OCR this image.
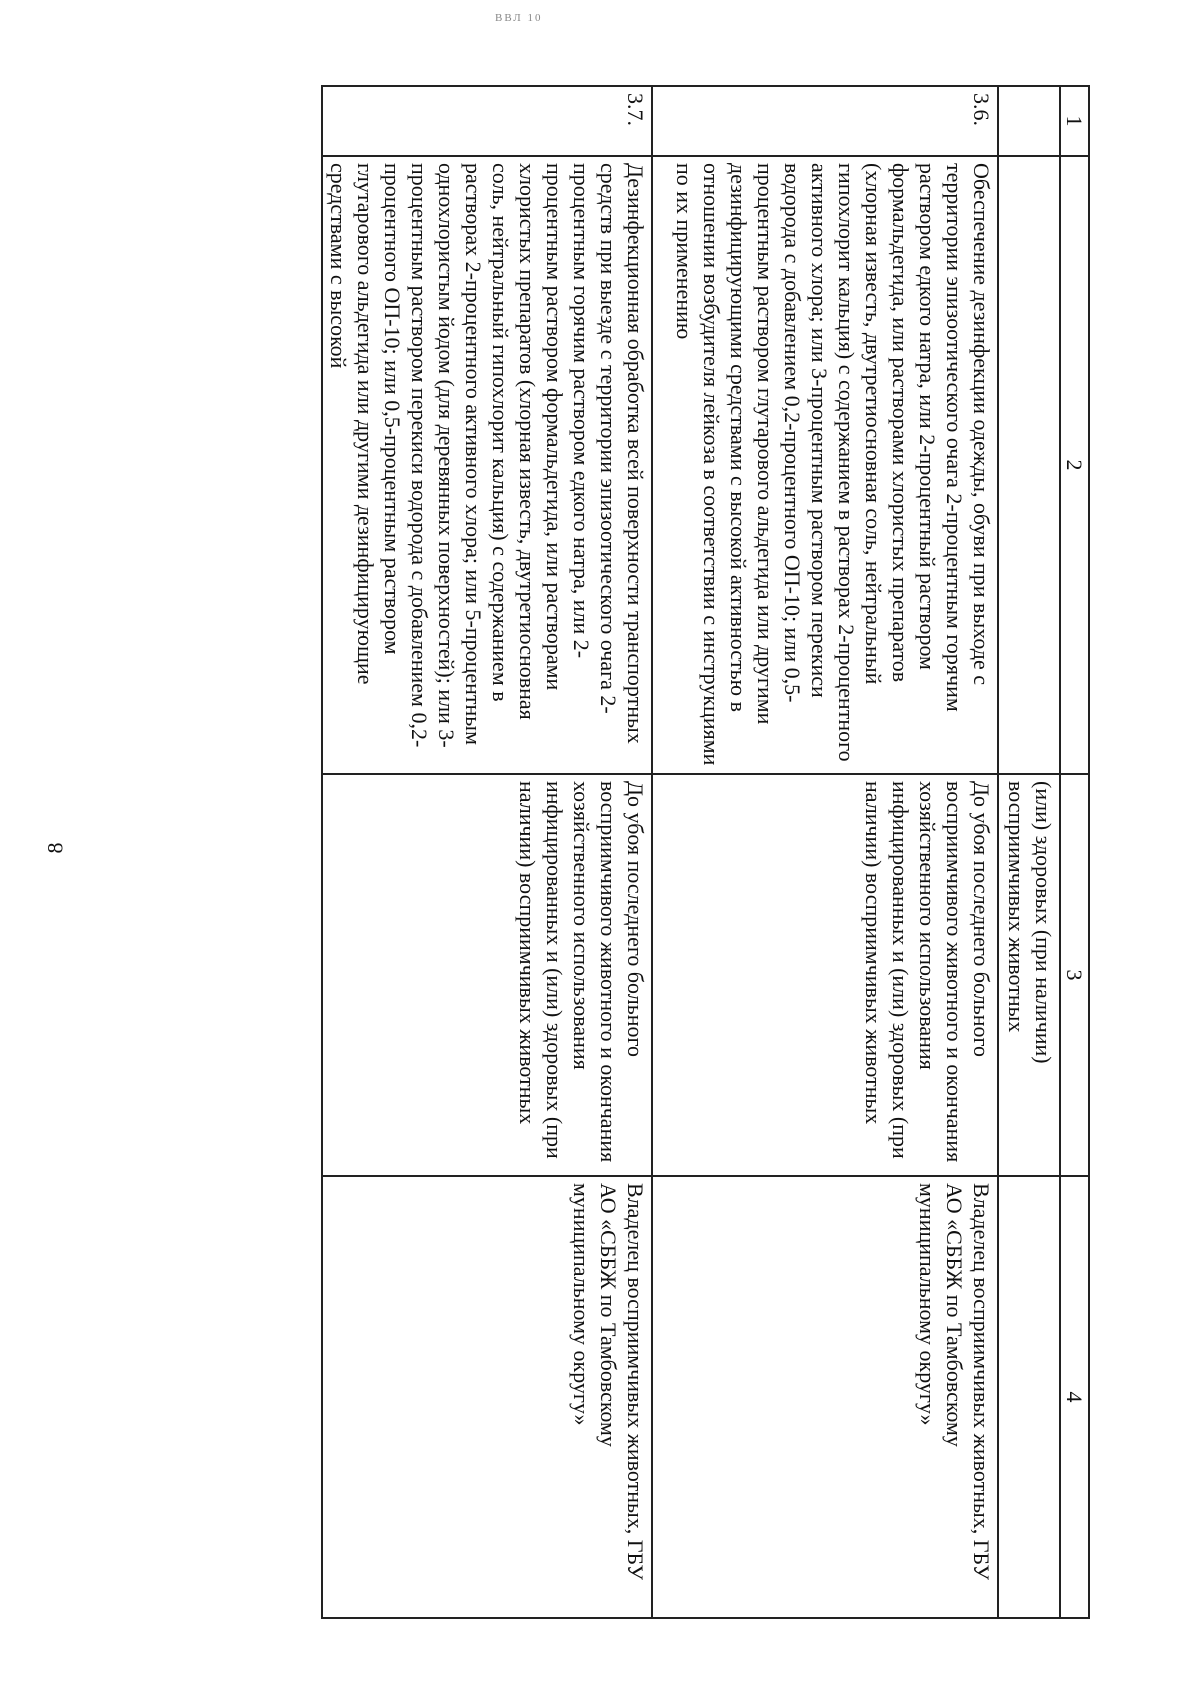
ВВЛ 10
8
1	2	3	4
		(или) здоровых (при наличии) восприимчивых животных	
3.6.	Обеспечение дезинфекции одежды, обуви при выходе с территории эпизоотического очага 2-процентным горячим раствором едкого натра, или 2-процентный раствором формальдегида, или растворами хлористых препаратов (хлорная известь, двутретиосновная соль, нейтральный гипохлорит кальция) с содержанием в растворах 2-процентного активного хлора; или 3-процентным раствором перекиси водорода с добавлением 0,2-процентного ОП-10; или 0,5-процентным раствором глутарового альдегида или другими дезинфицирующими средствами с высокой активностью в отношении возбудителя лейкоза в соответствии с инструкциями по их применению	До убоя последнего больного восприимчивого животного и окончания хозяйственного использования инфицированных и (или) здоровых (при наличии) восприимчивых животных	Владелец восприимчивых животных, ГБУ АО «СББЖ по Тамбовскому муниципальному округу»
3.7.	Дезинфекционная обработка всей поверхности транспортных средств при выезде с территории эпизоотического очага 2-процентным горячим раствором едкого натра, или 2-процентным раствором формальдегида, или растворами хлористых препаратов (хлорная известь, двутретиосновная соль, нейтральный гипохлорит кальция) с содержанием в растворах 2-процентного активного хлора; или 5-процентным однохлористым йодом (для деревянных поверхностей); или 3-процентным раствором перекиси водорода с добавлением 0,2-процентного ОП-10; или 0,5-процентным раствором глутарового альдегида или другими дезинфицирующие средствами с высокой	До убоя последнего больного восприимчивого животного и окончания хозяйственного использования инфицированных и (или) здоровых (при наличии) восприимчивых животных	Владелец восприимчивых животных, ГБУ АО «СББЖ по Тамбовскому муниципальному округу»
